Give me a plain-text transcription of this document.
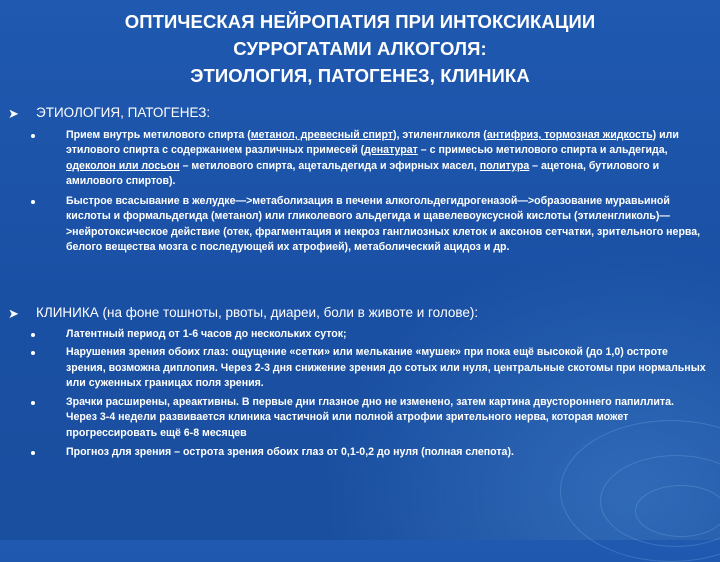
ОПТИЧЕСКАЯ НЕЙРОПАТИЯ ПРИ ИНТОКСИКАЦИИ
СУРРОГАТАМИ АЛКОГОЛЯ:
ЭТИОЛОГИЯ, ПАТОГЕНЕЗ, КЛИНИКА
➤ ЭТИОЛОГИЯ, ПАТОГЕНЕЗ:
Прием внутрь метилового спирта (метанол, древесный спирт), этиленгликоля (антифриз, тормозная жидкость) или этилового спирта с содержанием различных примесей (денатурат – с примесью метилового спирта и альдегида, одеколон или лосьон – метилового спирта, ацетальдегида и эфирных масел, политура – ацетона, бутилового и амилового спиртов).
Быстрое всасывание в желудке—>метаболизация в печени алкогольдегидрогеназой—>образование муравьиной кислоты и формальдегида (метанол) или гликолевого альдегида и щавелевоуксусной кислоты (этиленгликоль)—>нейротоксическое действие (отек, фрагментация и некроз ганглиозных клеток и аксонов сетчатки, зрительного нерва, белого вещества мозга с последующей их атрофией), метаболический ацидоз и др.
➤ КЛИНИКА (на фоне тошноты, рвоты, диареи, боли в животе и голове):
Латентный период от 1-6 часов до нескольких суток;
Нарушения зрения обоих глаз: ощущение «сетки» или мелькание «мушек» при пока ещё высокой (до 1,0) остроте зрения, возможна диплопия. Через 2-3 дня снижение зрения до сотых или нуля, центральные скотомы при нормальных или суженных границах поля зрения.
Зрачки расширены, ареактивны. В первые дни глазное дно не изменено, затем картина двустороннего папиллита. Через 3-4 недели развивается клиника частичной или полной атрофии зрительного нерва, которая может прогрессировать ещё 6-8 месяцев
Прогноз для зрения – острота зрения обоих глаз от 0,1-0,2 до нуля (полная слепота).
